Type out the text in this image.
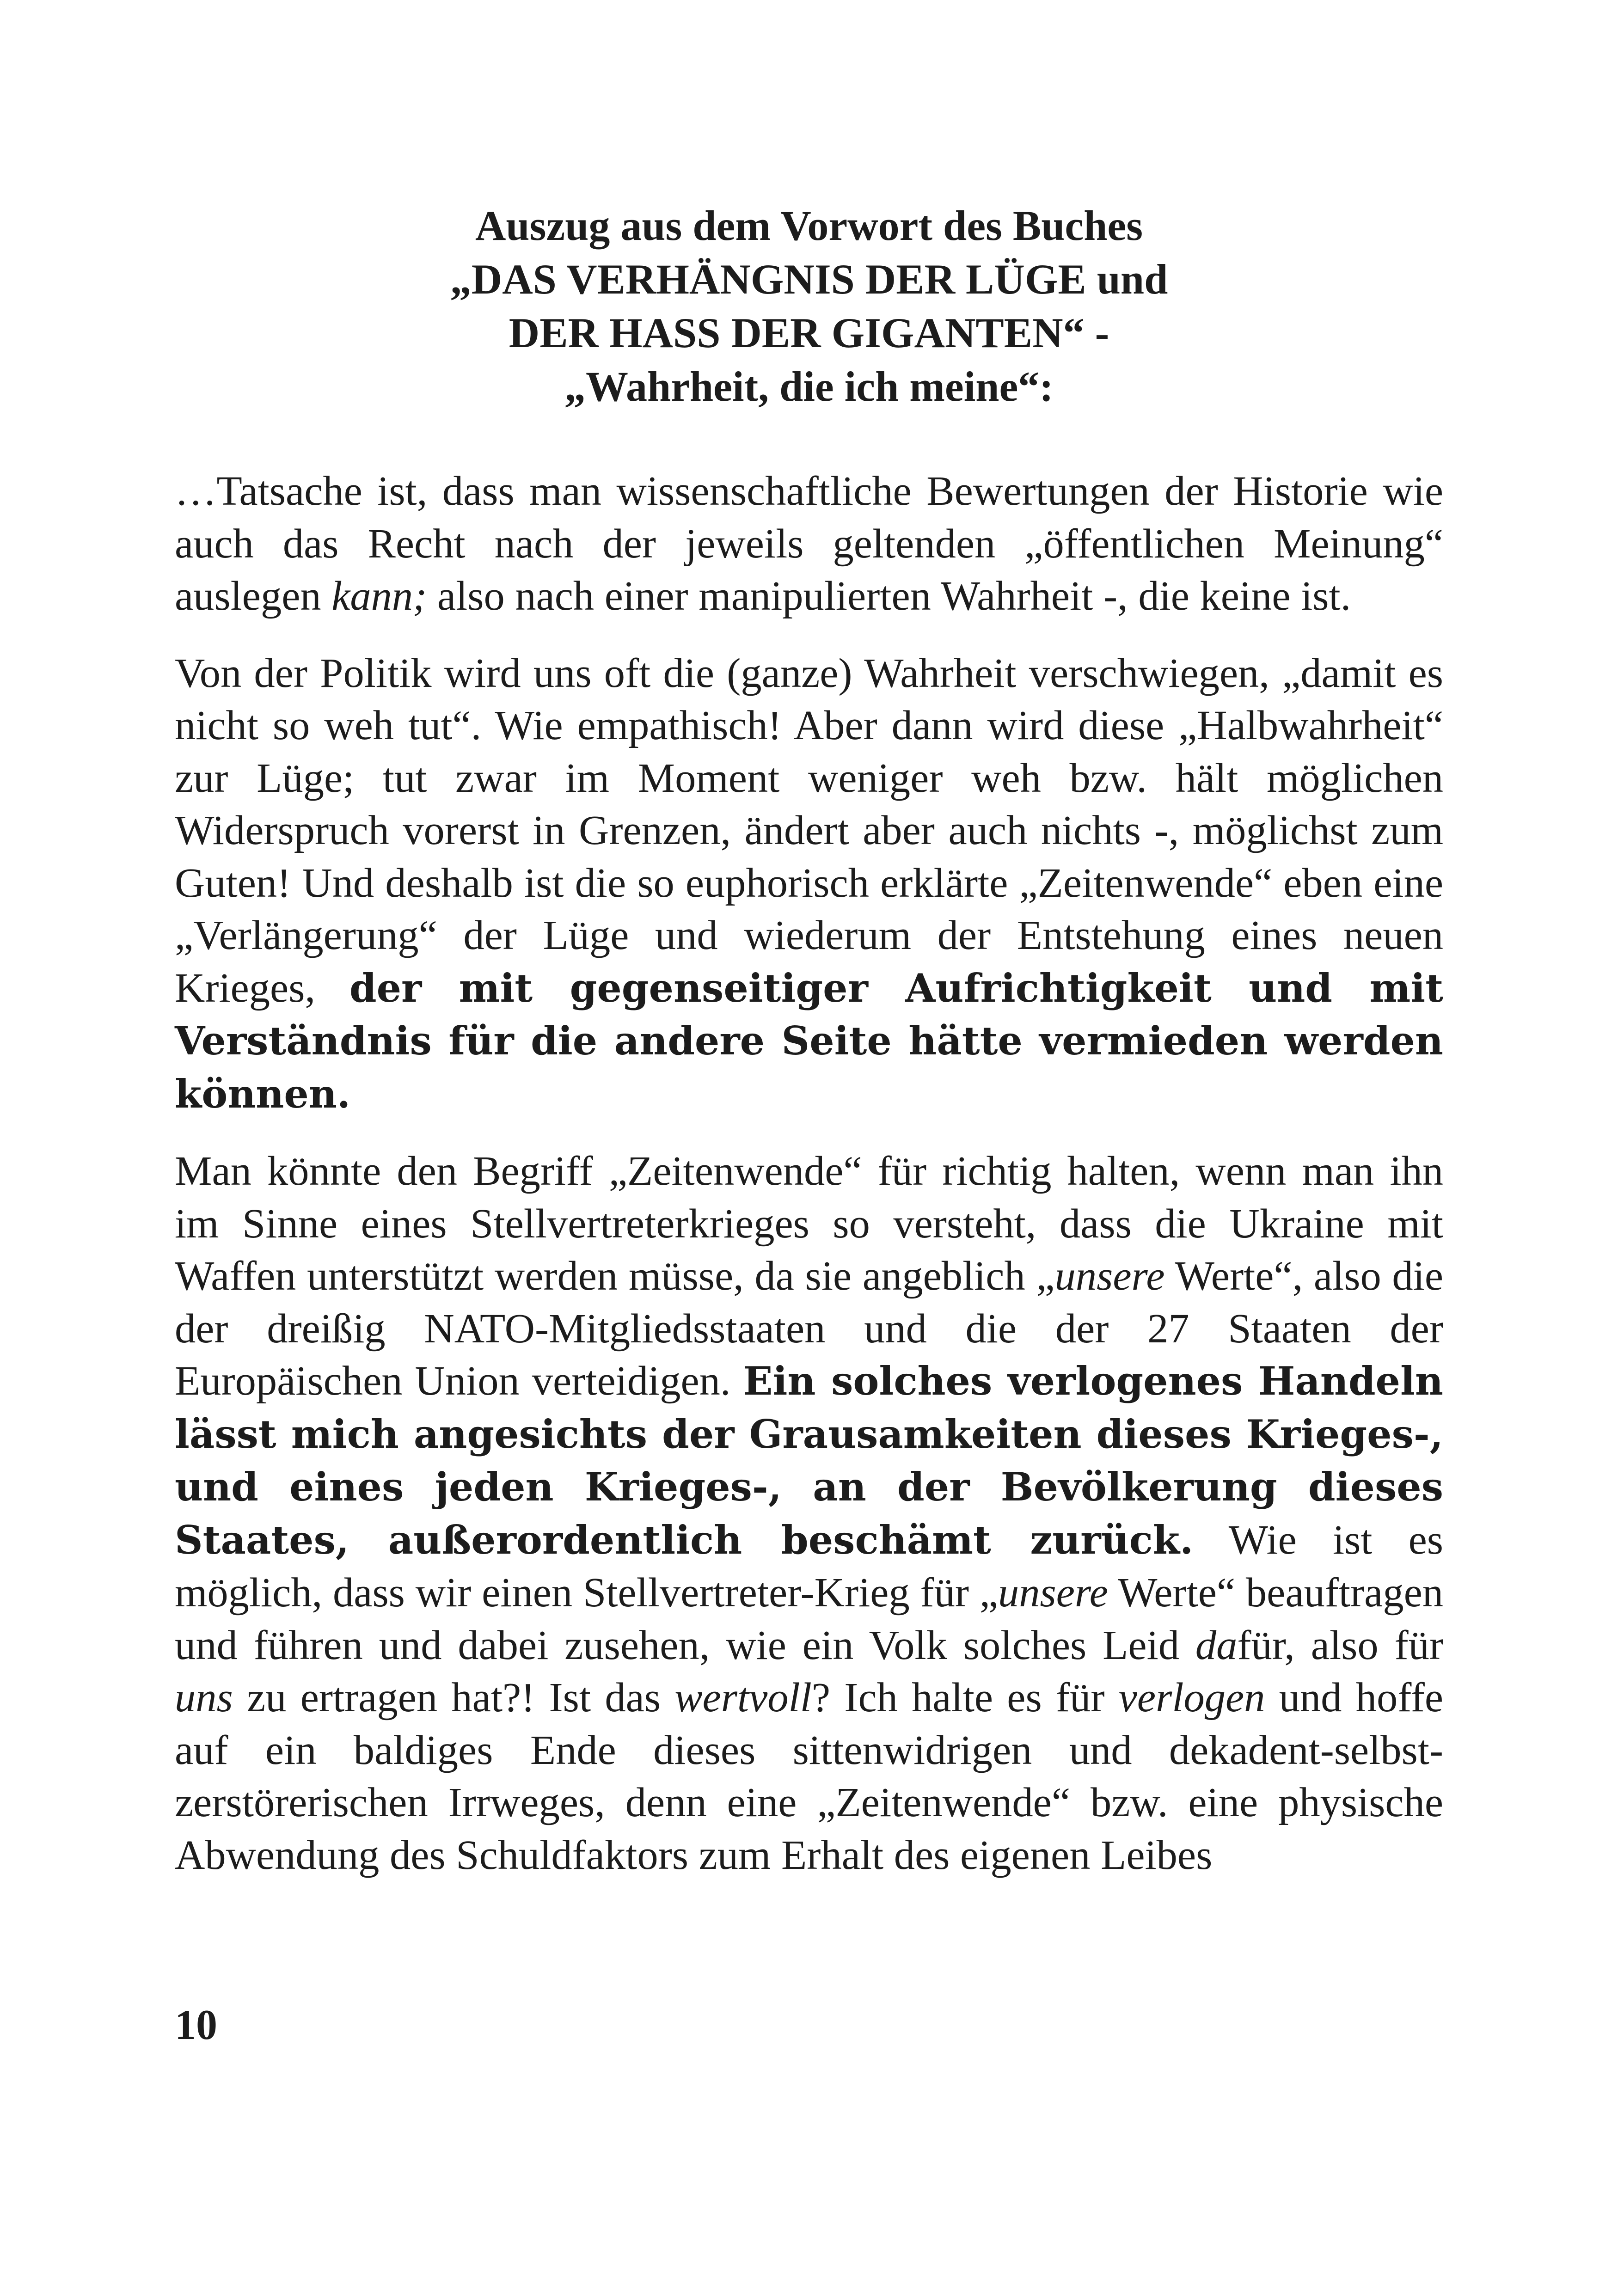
Auszug aus dem Vorwort des Buches
„DAS VERHÄNGNIS DER LÜGE und
DER HASS DER GIGANTEN“ -
„Wahrheit, die ich meine“:

…Tatsache ist, dass man wissenschaftliche Bewertungen der Historie wie auch das Recht nach der jeweils geltenden „öffentlichen Meinung“ auslegen kann; also nach einer manipulierten Wahrheit -, die keine ist.

Von der Politik wird uns oft die (ganze) Wahrheit verschwiegen, „damit es nicht so weh tut“. Wie empathisch! Aber dann wird diese „Halbwahrheit“ zur Lüge; tut zwar im Moment weniger weh bzw. hält möglichen Widerspruch vorerst in Grenzen, ändert aber auch nichts -, möglichst zum Guten! Und deshalb ist die so euphorisch erklärte „Zeitenwende“ eben eine „Verlängerung“ der Lüge und wiederum der Entstehung eines neuen Krieges, der mit gegenseitiger Aufrichtigkeit und mit Verständnis für die andere Seite hätte vermieden werden können.

Man könnte den Begriff „Zeitenwende“ für richtig halten, wenn man ihn im Sinne eines Stellvertreterkrieges so versteht, dass die Ukraine mit Waffen unterstützt werden müsse, da sie angeblich „unsere Werte“, also die der dreißig NATO-Mitgliedsstaaten und die der 27 Staaten der Europäischen Union verteidigen. Ein solches verlogenes Handeln lässt mich angesichts der Grausamkeiten dieses Krieges-, und eines jeden Krieges-, an der Bevölkerung dieses Staates, außerordentlich beschämt zurück. Wie ist es möglich, dass wir einen Stellvertreter-Krieg für „unsere Werte“ beauftragen und führen und dabei zusehen, wie ein Volk solches Leid dafür, also für uns zu ertragen hat?! Ist das wertvoll? Ich halte es für verlogen und hoffe auf ein baldiges Ende dieses sittenwidrigen und dekadent-selbstzerstörerischen Irrweges, denn eine „Zeitenwende“ bzw. eine physische Abwendung des Schuldfaktors zum Erhalt des eigenen Leibes

10
